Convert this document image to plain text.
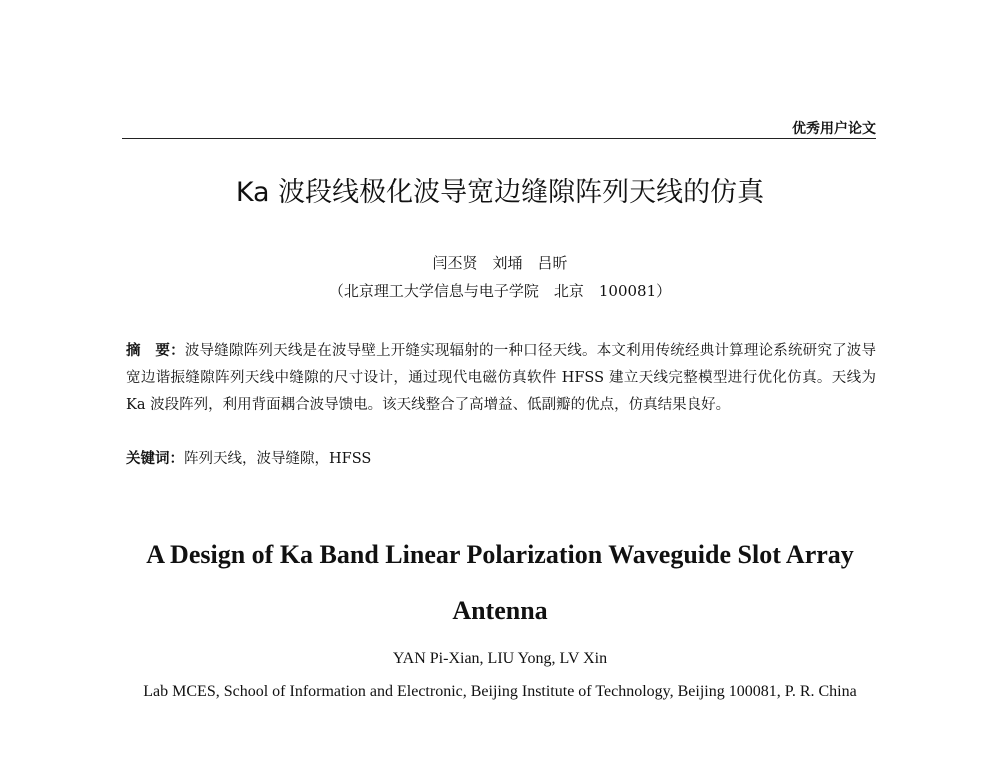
优秀用户论文
Ka 波段线极化波导宽边缝隙阵列天线的仿真
闫丕贤　刘埇　吕昕
（北京理工大学信息与电子学院　北京　100081）
摘　要：波导缝隙阵列天线是在波导壁上开缝实现辐射的一种口径天线。本文利用传统经典计算理论系统研究了波导宽边谐振缝隙阵列天线中缝隙的尺寸设计，通过现代电磁仿真软件 HFSS 建立天线完整模型进行优化仿真。天线为 Ka 波段阵列，利用背面耦合波导馈电。该天线整合了高增益、低副瓣的优点，仿真结果良好。
关键词：阵列天线，波导缝隙，HFSS
A Design of Ka Band Linear Polarization Waveguide Slot Array Antenna
YAN Pi-Xian, LIU Yong, LV Xin
Lab MCES, School of Information and Electronic, Beijing Institute of Technology, Beijing 100081, P. R. China
